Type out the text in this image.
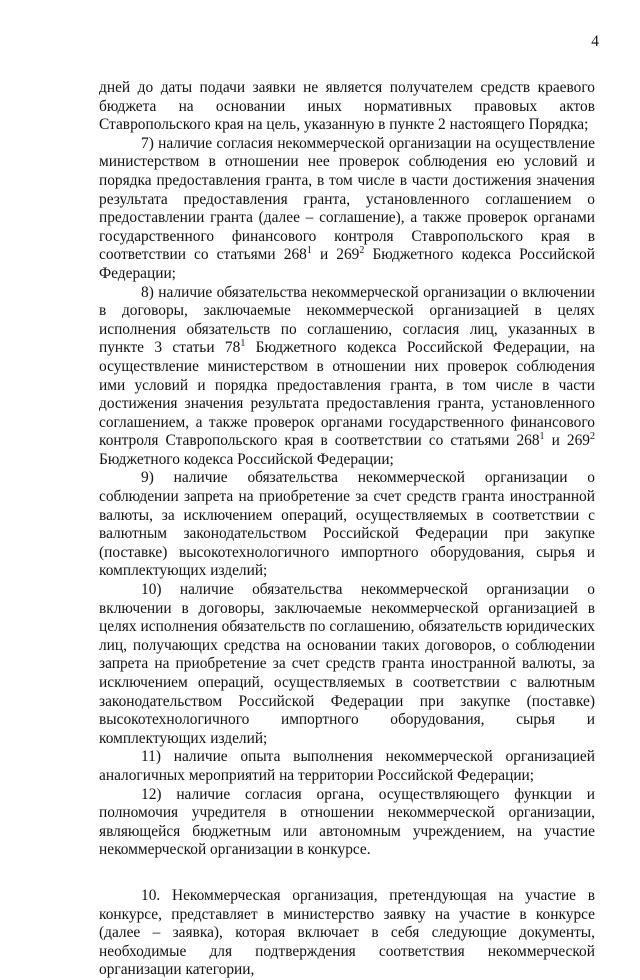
4

дней до даты подачи заявки не является получателем средств краевого бюджета на основании иных нормативных правовых актов Ставропольского края на цель, указанную в пункте 2 настоящего Порядка;

7) наличие согласия некоммерческой организации на осуществление министерством в отношении нее проверок соблюдения ею условий и порядка предоставления гранта, в том числе в части достижения значения результата предоставления гранта, установленного соглашением о предоставлении гранта (далее – соглашение), а также проверок органами государственного финансового контроля Ставропольского края в соответствии со статьями $268^1$ и $269^2$ Бюджетного кодекса Российской Федерации;

8) наличие обязательства некоммерческой организации о включении в договоры, заключаемые некоммерческой организацией в целях исполнения обязательств по соглашению, согласия лиц, указанных в пункте 3 статьи $78^1$ Бюджетного кодекса Российской Федерации, на осуществление министерством в отношении них проверок соблюдения ими условий и порядка предоставления гранта, в том числе в части достижения значения результата предоставления гранта, установленного соглашением, а также проверок органами государственного финансового контроля Ставропольского края в соответствии со статьями $268^1$ и $269^2$ Бюджетного кодекса Российской Федерации;

9) наличие обязательства некоммерческой организации о соблюдении запрета на приобретение за счет средств гранта иностранной валюты, за исключением операций, осуществляемых в соответствии с валютным законодательством Российской Федерации при закупке (поставке) высокотехнологичного импортного оборудования, сырья и комплектующих изделий;

10) наличие обязательства некоммерческой организации о включении в договоры, заключаемые некоммерческой организацией в целях исполнения обязательств по соглашению, обязательств юридических лиц, получающих средства на основании таких договоров, о соблюдении запрета на приобретение за счет средств гранта иностранной валюты, за исключением операций, осуществляемых в соответствии с валютным законодательством Российской Федерации при закупке (поставке) высокотехнологичного импортного оборудования, сырья и комплектующих изделий;

11) наличие опыта выполнения некоммерческой организацией аналогичных мероприятий на территории Российской Федерации;

12) наличие согласия органа, осуществляющего функции и полномочия учредителя в отношении некоммерческой организации, являющейся бюджетным или автономным учреждением, на участие некоммерческой организации в конкурсе.

10. Некоммерческая организация, претендующая на участие в конкурсе, представляет в министерство заявку на участие в конкурсе (далее – заявка), которая включает в себя следующие документы, необходимые для подтверждения соответствия некоммерческой организации категории,
